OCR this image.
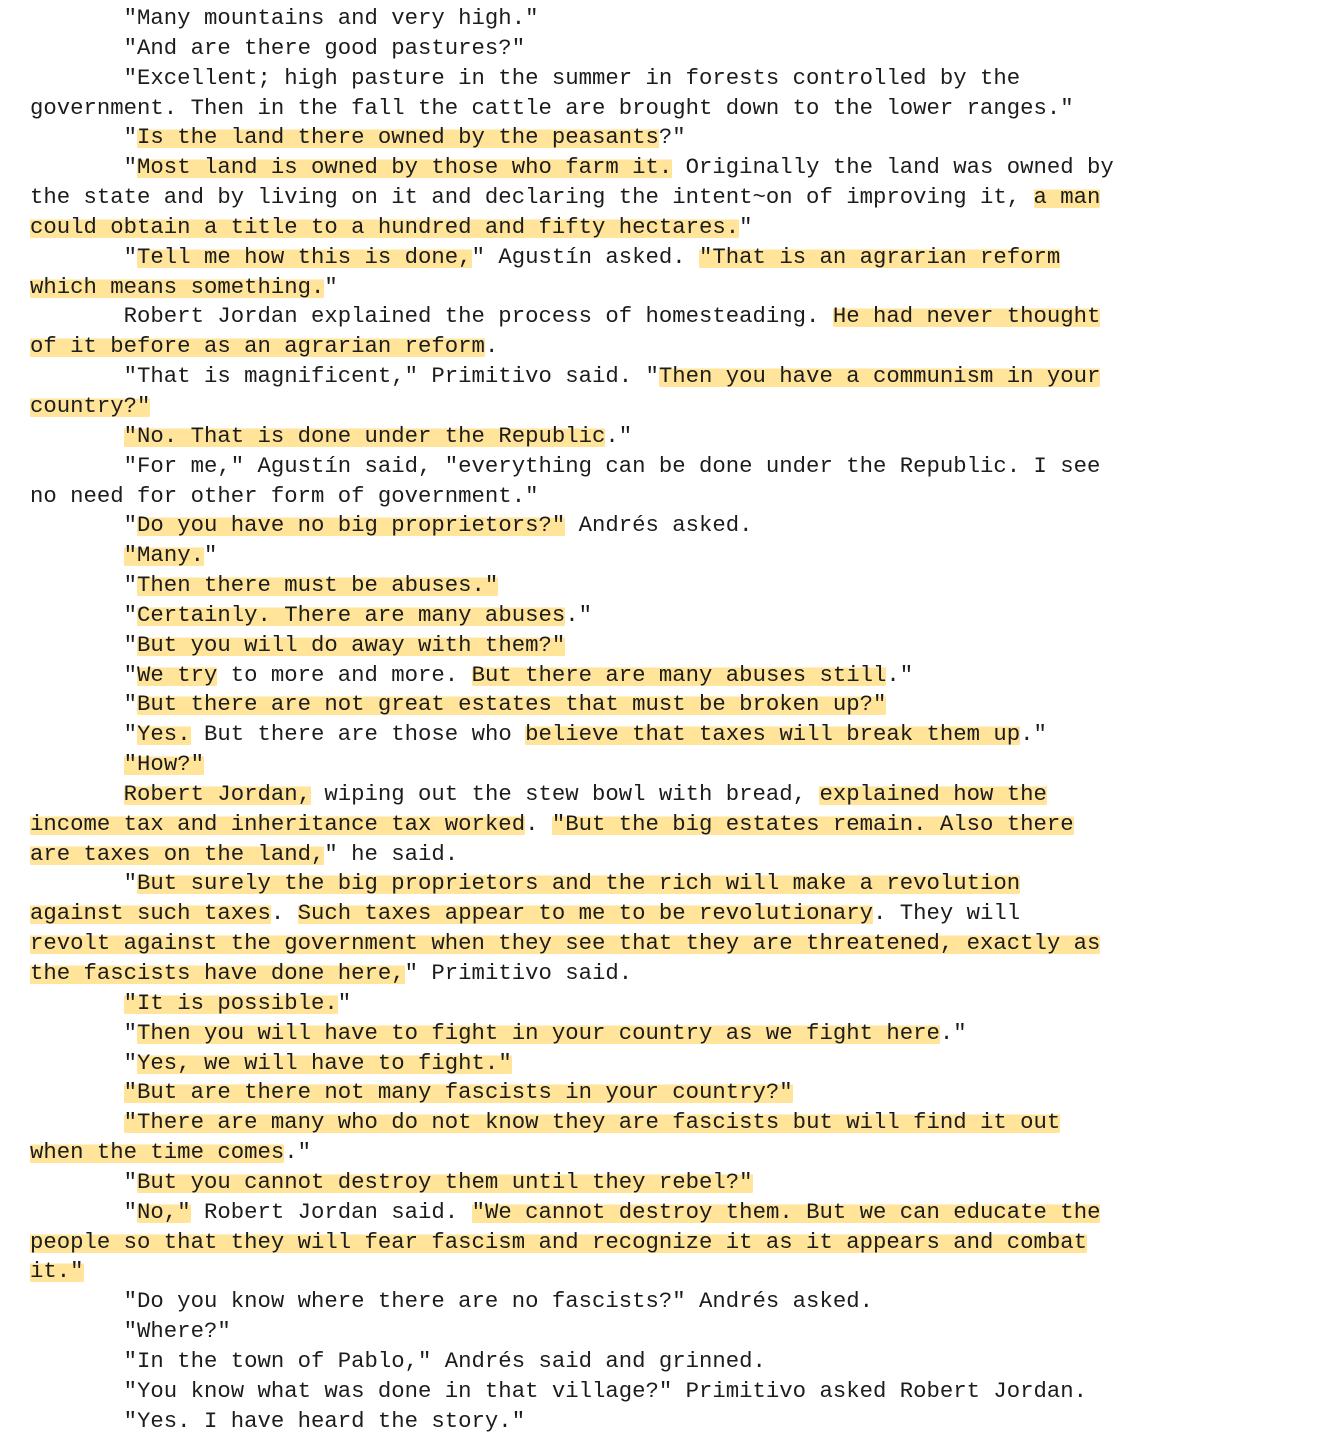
"Many mountains and very high."
"And are there good pastures?"
"Excellent; high pasture in the summer in forests controlled by the
government. Then in the fall the cattle are brought down to the lower ranges."
"Is the land there owned by the peasants?"
"Most land is owned by those who farm it. Originally the land was owned by
the state and by living on it and declaring the intent~on of improving it, a man
could obtain a title to a hundred and fifty hectares."
"Tell me how this is done," Agustín asked. "That is an agrarian reform
which means something."
Robert Jordan explained the process of homesteading. He had never thought
of it before as an agrarian reform.
"That is magnificent," Primitivo said. "Then you have a communism in your
country?"
"No. That is done under the Republic."
"For me," Agustín said, "everything can be done under the Republic. I see
no need for other form of government."
"Do you have no big proprietors?" Andrés asked.
"Many."
"Then there must be abuses."
"Certainly. There are many abuses."
"But you will do away with them?"
"We try to more and more. But there are many abuses still."
"But there are not great estates that must be broken up?"
"Yes. But there are those who believe that taxes will break them up."
"How?"
Robert Jordan, wiping out the stew bowl with bread, explained how the
income tax and inheritance tax worked. "But the big estates remain. Also there
are taxes on the land," he said.
"But surely the big proprietors and the rich will make a revolution
against such taxes. Such taxes appear to me to be revolutionary. They will
revolt against the government when they see that they are threatened, exactly as
the fascists have done here," Primitivo said.
"It is possible."
"Then you will have to fight in your country as we fight here."
"Yes, we will have to fight."
"But are there not many fascists in your country?"
"There are many who do not know they are fascists but will find it out
when the time comes."
"But you cannot destroy them until they rebel?"
"No," Robert Jordan said. "We cannot destroy them. But we can educate the
people so that they will fear fascism and recognize it as it appears and combat
it."
"Do you know where there are no fascists?" Andrés asked.
"Where?"
"In the town of Pablo," Andrés said and grinned.
"You know what was done in that village?" Primitivo asked Robert Jordan.
"Yes. I have heard the story."
